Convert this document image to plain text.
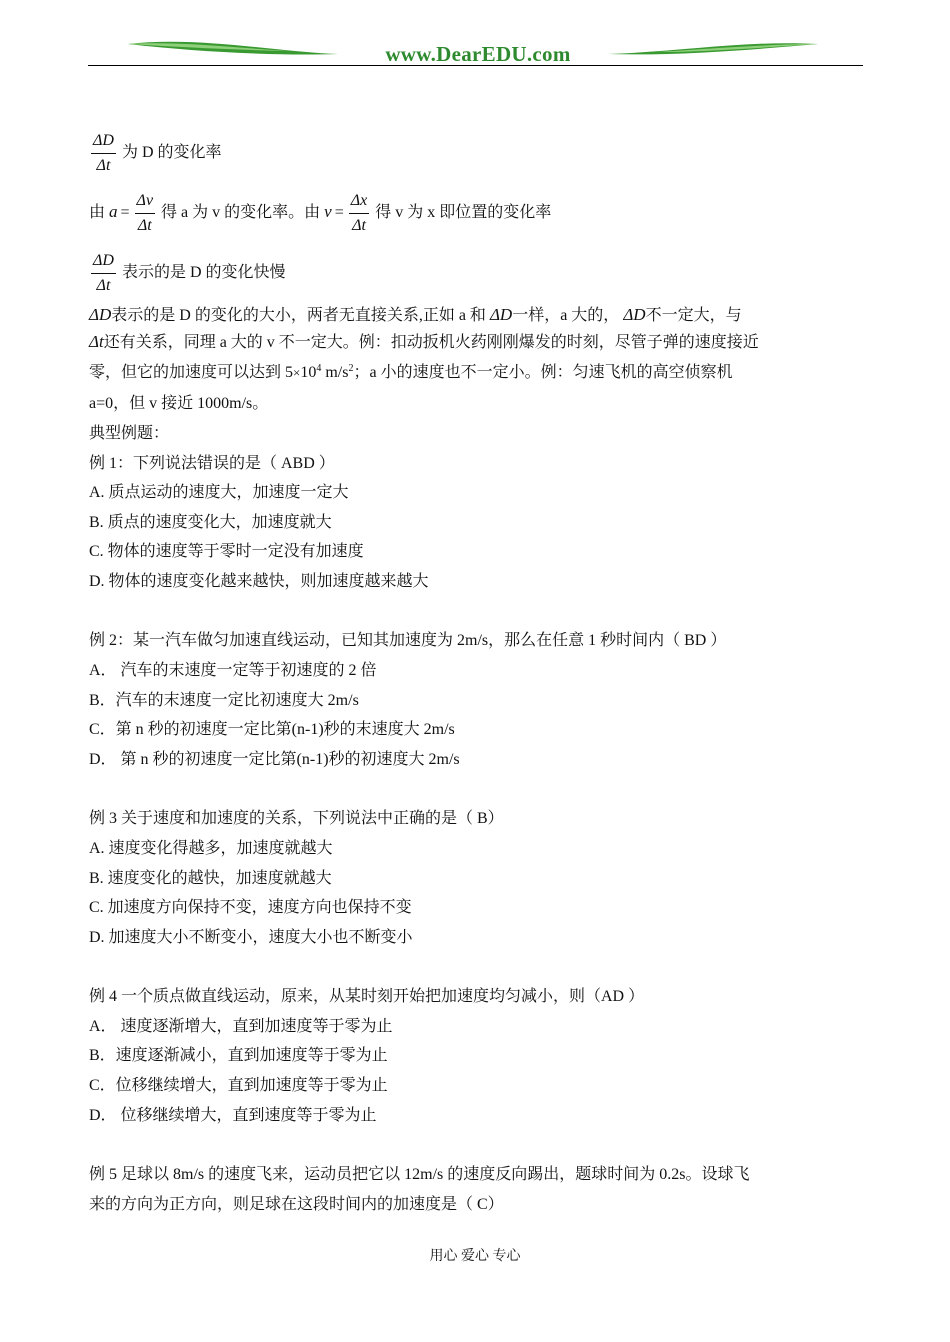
www.DearEDU.com
$\frac{\Delta D}{\Delta t}$ 为 D 的变化率
由 $a = \frac{\Delta v}{\Delta t}$ 得 a 为 v 的变化率。由 $v = \frac{\Delta x}{\Delta t}$ 得 v 为 x 即位置的变化率
$\frac{\Delta D}{\Delta t}$ 表示的是 D 的变化快慢
ΔD表示的是 D 的变化的大小，两者无直接关系,正如 a 和 ΔD一样，a 大的， ΔD不一定大，与
Δt还有关系，同理 a 大的 v 不一定大。例：扣动扳机火药刚刚爆发的时刻，尽管子弹的速度接近
零，但它的加速度可以达到 $5\times 10^4$ $m/s^2$；a 小的速度也不一定小。例：匀速飞机的高空侦察机
a=0，但 v 接近 1000m/s。
典型例题：
例 1：下列说法错误的是（ ABD ）
A. 质点运动的速度大，加速度一定大
B. 质点的速度变化大，加速度就大
C. 物体的速度等于零时一定没有加速度
D. 物体的速度变化越来越快，则加速度越来越大
例 2：某一汽车做匀加速直线运动，已知其加速度为 2m/s，那么在任意 1 秒时间内（ BD ）
A． 汽车的末速度一定等于初速度的 2 倍
B．汽车的末速度一定比初速度大 2m/s
C．第 n 秒的初速度一定比第(n-1)秒的末速度大 2m/s
D． 第 n 秒的初速度一定比第(n-1)秒的初速度大 2m/s
例 3 关于速度和加速度的关系，下列说法中正确的是（ B）
A. 速度变化得越多，加速度就越大
B. 速度变化的越快，加速度就越大
C. 加速度方向保持不变，速度方向也保持不变
D. 加速度大小不断变小，速度大小也不断变小
例 4 一个质点做直线运动，原来，从某时刻开始把加速度均匀减小，则（AD ）
A． 速度逐渐增大，直到加速度等于零为止
B．速度逐渐减小，直到加速度等于零为止
C．位移继续增大，直到加速度等于零为止
D． 位移继续增大，直到速度等于零为止
例 5 足球以 8m/s 的速度飞来，运动员把它以 12m/s 的速度反向踢出，题球时间为 0.2s。设球飞
来的方向为正方向，则足球在这段时间内的加速度是（ C）
用心 爱心 专心
